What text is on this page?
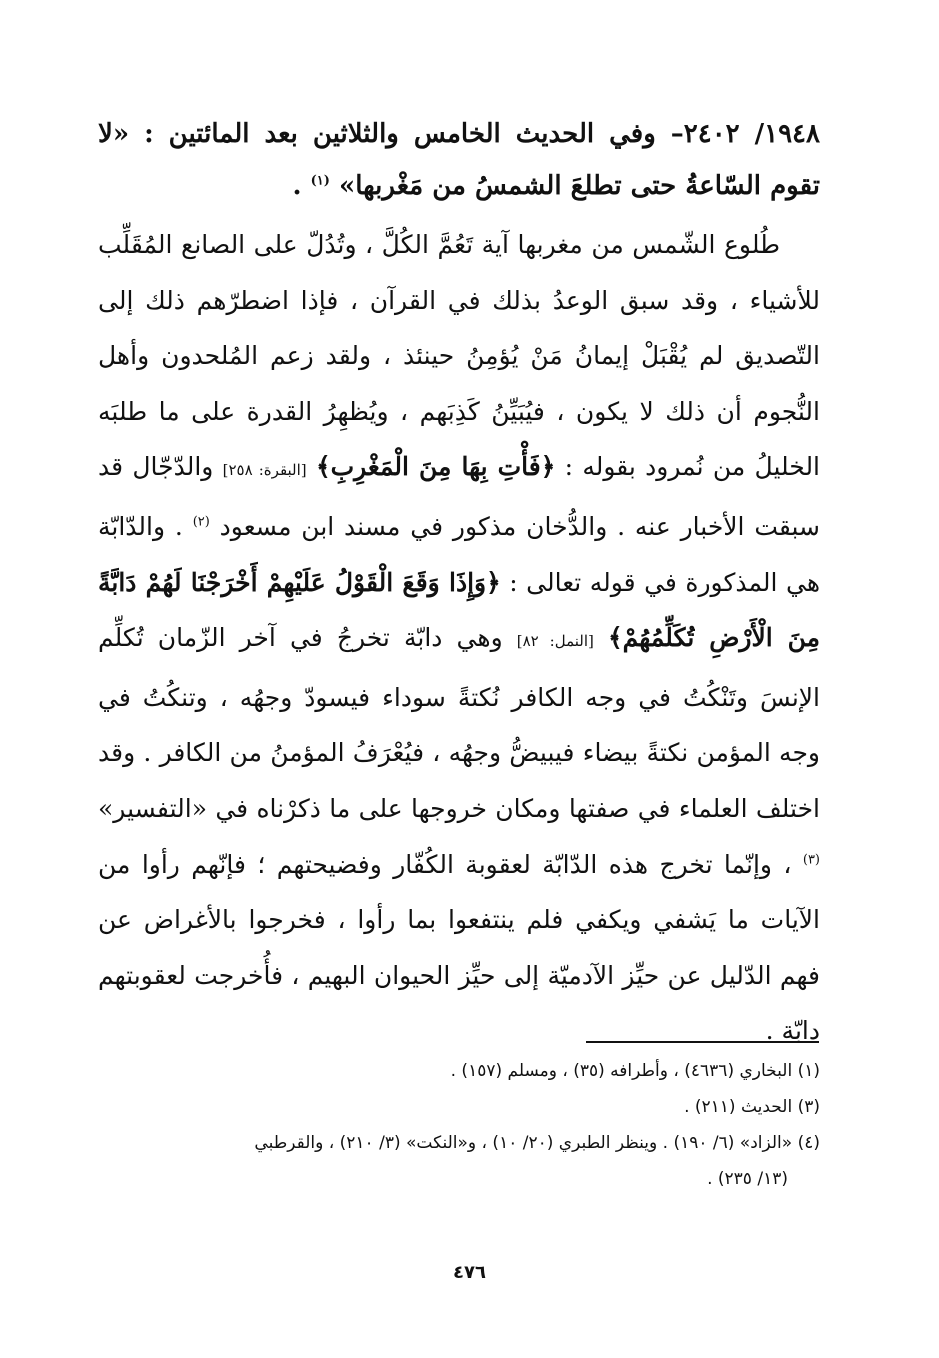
١٩٤٨/ ٢٤٠٢– وفي الحديث الخامس والثلاثين بعد المائتين : «لا تقوم السّاعةُ حتى تطلعَ الشمسُ من مَغْربها» $^{(١)}$ .

طُلوع الشّمس من مغربها آية تَعُمَّ الكُلَّ ، وتُدُلّ على الصانع المُقَلِّب للأشياء ، وقد سبق الوعدُ بذلك في القرآن ، فإذا اضطرّهم ذلك إلى التّصديق لم يُقْبَلْ إيمانُ مَنْ يُؤمِنُ حينئذ ، ولقد زعم المُلحدون وأهل النُّجوم أن ذلك لا يكون ، فيُبَيِّنُ كَذِبَهم ، ويُظهِرُ القدرة على ما طلبَه الخليلُ من نُمرود بقوله : ﴿فَأْتِ بِهَا مِنَ الْمَغْرِبِ﴾ [البقرة: ٢٥٨] والدّجّال قد سبقت الأخبار عنه . والدُّخان مذكور في مسند ابن مسعود $^{(٢)}$ . والدّابّة هي المذكورة في قوله تعالى : ﴿وَإِذَا وَقَعَ الْقَوْلُ عَلَيْهِمْ أَخْرَجْنَا لَهُمْ دَابَّةً مِنَ الْأَرْضِ تُكَلِّمُهُمْ﴾ [النمل: ٨٢] وهي دابّة تخرجُ في آخر الزّمان تُكلِّم الإنسَ وتَنْكُتُ في وجه الكافر نُكتةً سوداء فيسودّ وجهُه ، وتنكُتُ في وجه المؤمن نكتةً بيضاء فيبيضُّ وجهُه ، فيُعْرَفُ المؤمنُ من الكافر . وقد اختلف العلماء في صفتها ومكان خروجها على ما ذكرْناه في «التفسير» $^{(٣)}$ ، وإنّما تخرج هذه الدّابّة لعقوبة الكُفّار وفضيحتهم ؛ فإنّهم رأوا من الآيات ما يَشفي ويكفي فلم ينتفعوا بما رأوا ، فخرجوا بالأغراض عن فهم الدّليل عن حيِّز الآدميّة إلى حيِّز الحيوان البهيم ، فأُخرجت لعقوبتهم دابّة .

(١) البخاري (٤٦٣٦) ، وأطرافه (٣٥) ، ومسلم (١٥٧) .

(٣) الحديث (٢١١) .

(٤) «الزاد» (٦/ ١٩٠) . وينظر الطبري (٢٠/ ١٠) ، و«النكت» (٣/ ٢١٠) ، والقرطبي

(١٣/ ٢٣٥) .

٤٧٦
